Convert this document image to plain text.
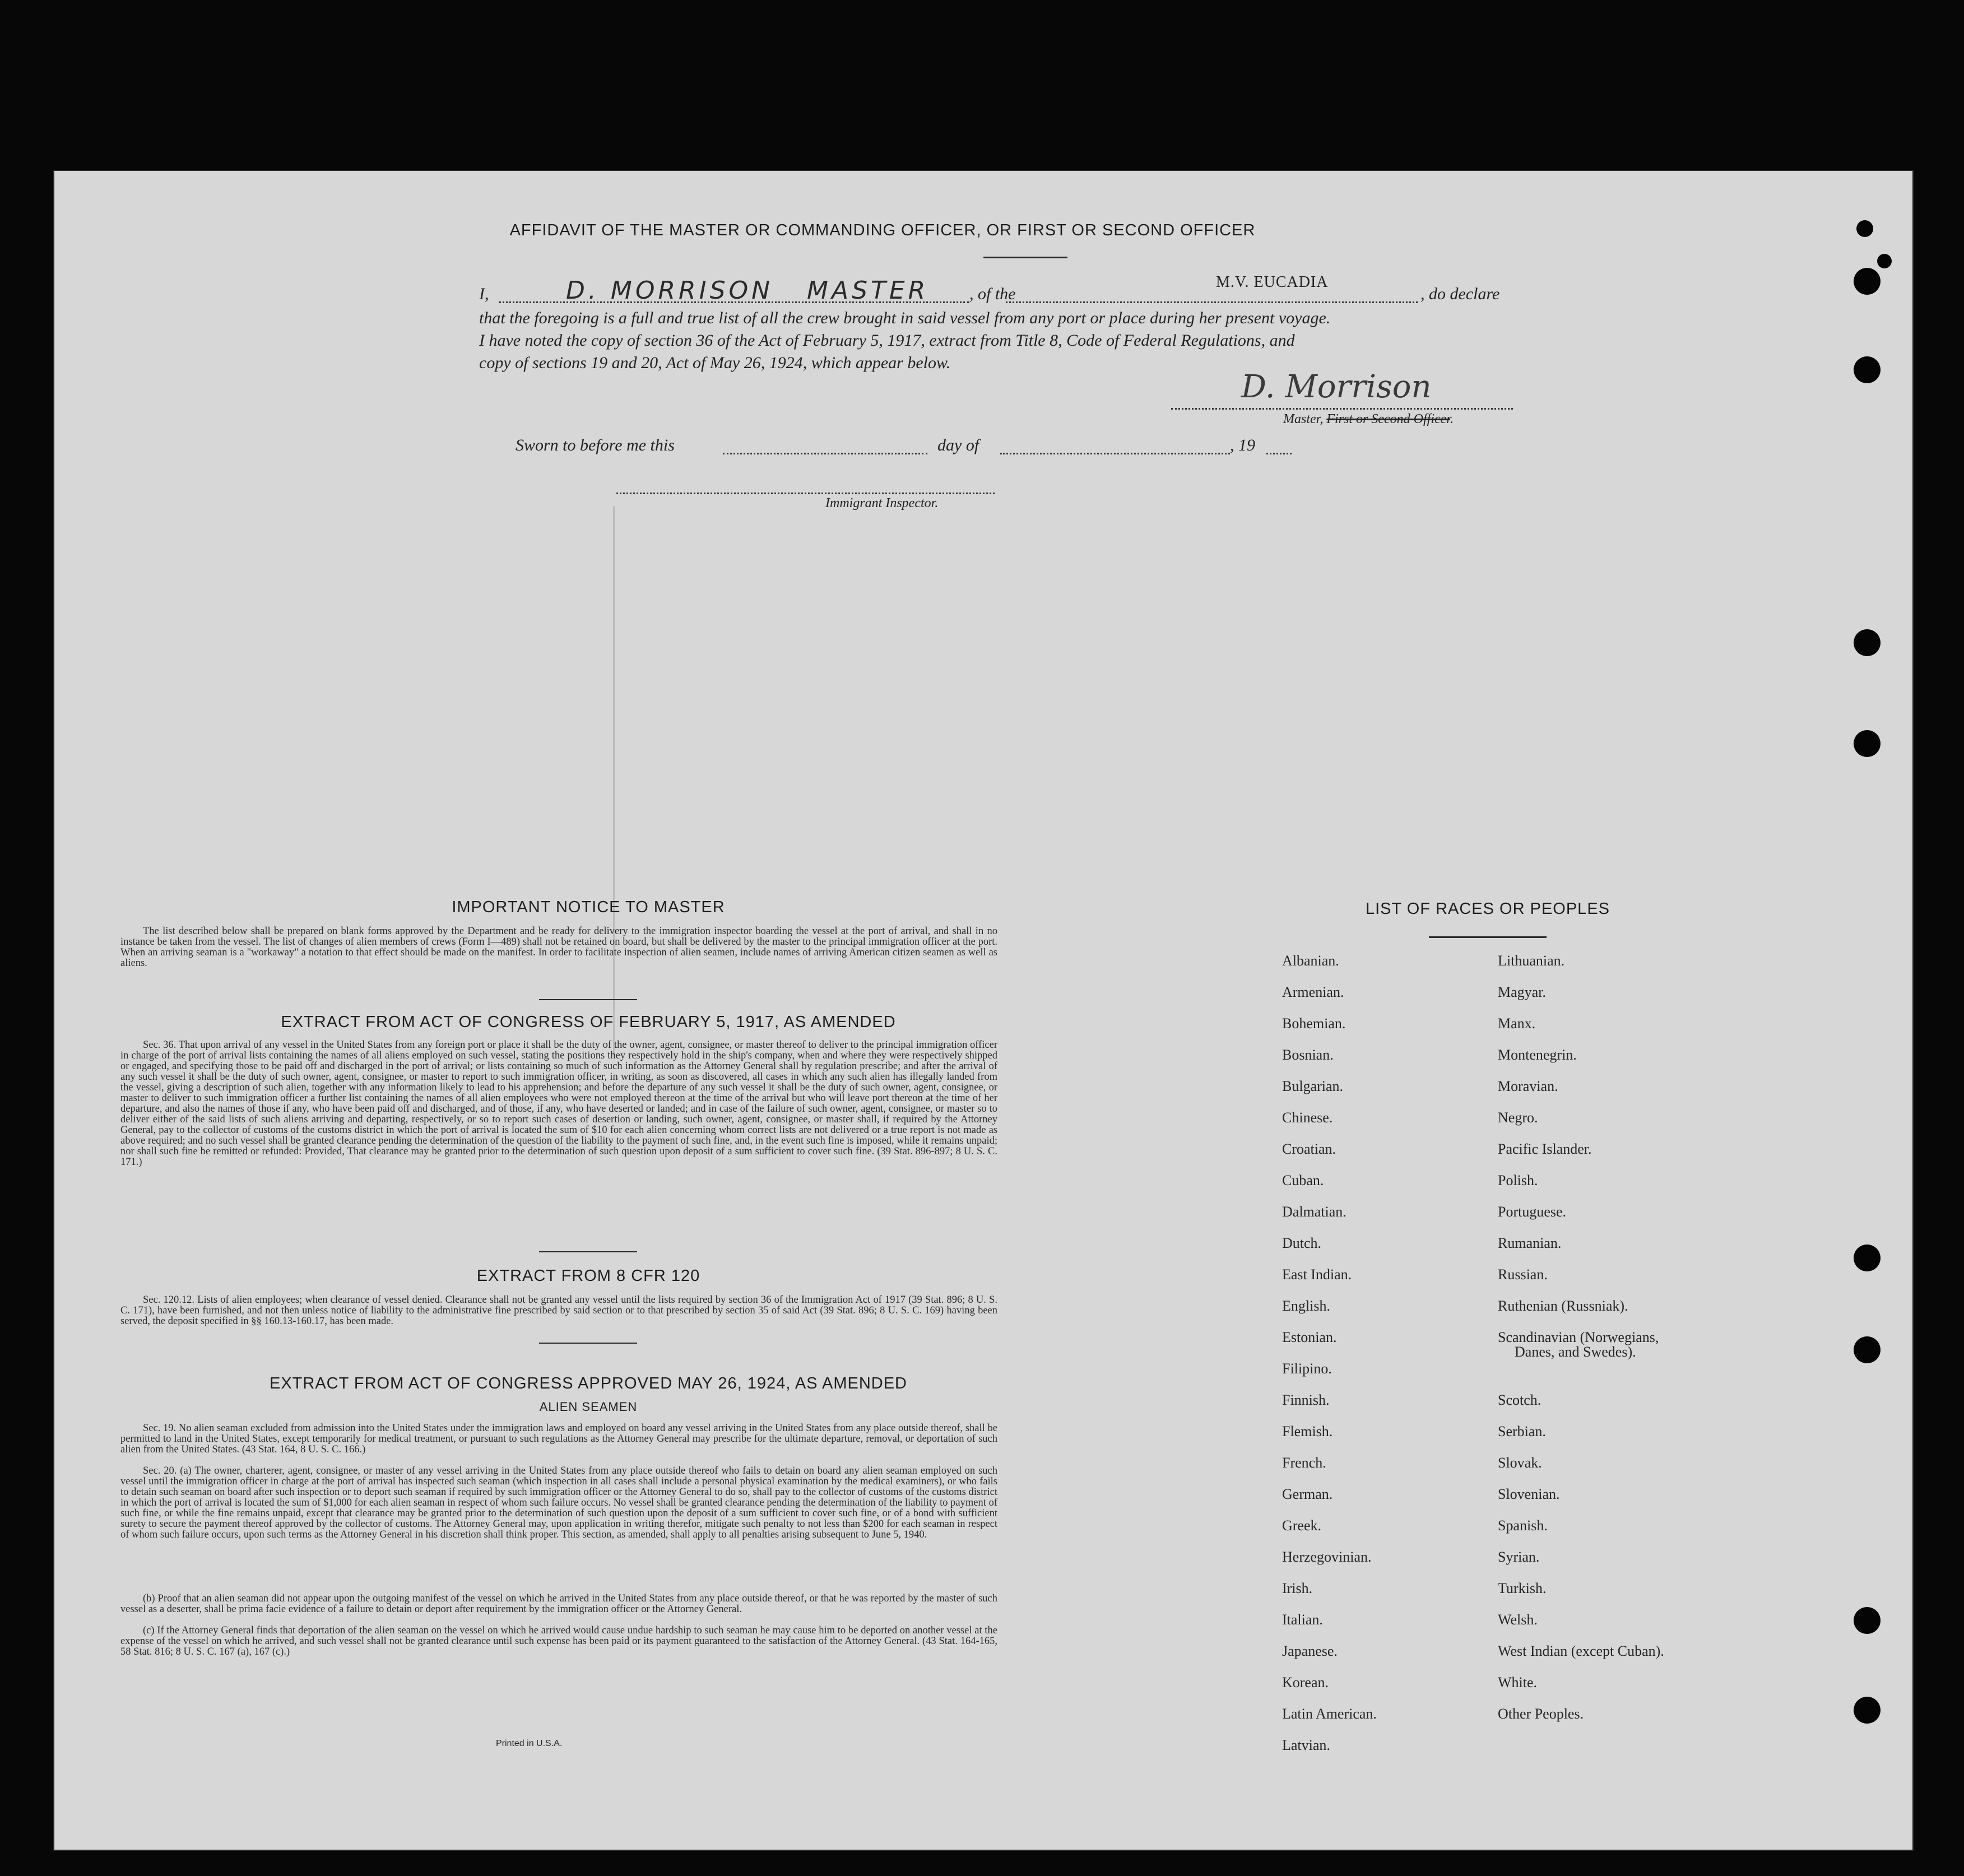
AFFIDAVIT OF THE MASTER OR COMMANDING OFFICER, OR FIRST OR SECOND OFFICER
I,	D. MORRISON MASTER , of the
M.V. EUCADIA
, do declare
that the foregoing is a full and true list of all the crew brought in said vessel from any port or place during her present voyage.
I have noted the copy of section 36 of the Act of February 5, 1917, extract from Title 8, Code of Federal Regulations, and
copy of sections 19 and 20, Act of May 26, 1924, which appear below.
D. Morrison
Master, First or Second Officer.
Sworn to before me this	day of	, 19
Immigrant Inspector.
IMPORTANT NOTICE TO MASTER
The list described below shall be prepared on blank forms approved by the Department and be ready for delivery to the immigration inspector boarding the vessel at the port of arrival, and shall in no instance be taken from the vessel. The list of changes of alien members of crews (Form I—489) shall not be retained on board, but shall be delivered by the master to the principal immigration officer at the port. When an arriving seaman is a "workaway" a notation to that effect should be made on the manifest. In order to facilitate inspection of alien seamen, include names of arriving American citizen seamen as well as aliens.
EXTRACT FROM ACT OF CONGRESS OF FEBRUARY 5, 1917, AS AMENDED
Sec. 36. That upon arrival of any vessel in the United States from any foreign port or place it shall be the duty of the owner, agent, consignee, or master thereof to deliver to the principal immigration officer in charge of the port of arrival lists containing the names of all aliens employed on such vessel, stating the positions they respectively hold in the ship's company, when and where they were respectively shipped or engaged, and specifying those to be paid off and discharged in the port of arrival; or lists containing so much of such information as the Attorney General shall by regulation prescribe; and after the arrival of any such vessel it shall be the duty of such owner, agent, consignee, or master to report to such immigration officer, in writing, as soon as discovered, all cases in which any such alien has illegally landed from the vessel, giving a description of such alien, together with any information likely to lead to his apprehension; and before the departure of any such vessel it shall be the duty of such owner, agent, consignee, or master to deliver to such immigration officer a further list containing the names of all alien employees who were not employed thereon at the time of the arrival but who will leave port thereon at the time of her departure, and also the names of those if any, who have been paid off and discharged, and of those, if any, who have deserted or landed; and in case of the failure of such owner, agent, consignee, or master so to deliver either of the said lists of such aliens arriving and departing, respectively, or so to report such cases of desertion or landing, such owner, agent, consignee, or master shall, if required by the Attorney General, pay to the collector of customs of the customs district in which the port of arrival is located the sum of $10 for each alien concerning whom correct lists are not delivered or a true report is not made as above required; and no such vessel shall be granted clearance pending the determination of the question of the liability to the payment of such fine, and, in the event such fine is imposed, while it remains unpaid; nor shall such fine be remitted or refunded: Provided, That clearance may be granted prior to the determination of such question upon deposit of a sum sufficient to cover such fine. (39 Stat. 896-897; 8 U. S. C. 171.)
EXTRACT FROM 8 CFR 120
Sec. 120.12. Lists of alien employees; when clearance of vessel denied. Clearance shall not be granted any vessel until the lists required by section 36 of the Immigration Act of 1917 (39 Stat. 896; 8 U. S. C. 171), have been furnished, and not then unless notice of liability to the administrative fine prescribed by said section or to that prescribed by section 35 of said Act (39 Stat. 896; 8 U. S. C. 169) having been served, the deposit specified in §§ 160.13-160.17, has been made.
EXTRACT FROM ACT OF CONGRESS APPROVED MAY 26, 1924, AS AMENDED
ALIEN SEAMEN
Sec. 19. No alien seaman excluded from admission into the United States under the immigration laws and employed on board any vessel arriving in the United States from any place outside thereof, shall be permitted to land in the United States, except temporarily for medical treatment, or pursuant to such regulations as the Attorney General may prescribe for the ultimate departure, removal, or deportation of such alien from the United States. (43 Stat. 164, 8 U. S. C. 166.)
Sec. 20. (a) The owner, charterer, agent, consignee, or master of any vessel arriving in the United States from any place outside thereof who fails to detain on board any alien seaman employed on such vessel until the immigration officer in charge at the port of arrival has inspected such seaman (which inspection in all cases shall include a personal physical examination by the medical examiners), or who fails to detain such seaman on board after such inspection or to deport such seaman if required by such immigration officer or the Attorney General to do so, shall pay to the collector of customs of the customs district in which the port of arrival is located the sum of $1,000 for each alien seaman in respect of whom such failure occurs. No vessel shall be granted clearance pending the determination of the liability to payment of such fine, or while the fine remains unpaid, except that clearance may be granted prior to the determination of such question upon the deposit of a sum sufficient to cover such fine, or of a bond with sufficient surety to secure the payment thereof approved by the collector of customs. The Attorney General may, upon application in writing therefor, mitigate such penalty to not less than $200 for each seaman in respect of whom such failure occurs, upon such terms as the Attorney General in his discretion shall think proper. This section, as amended, shall apply to all penalties arising subsequent to June 5, 1940.
(b) Proof that an alien seaman did not appear upon the outgoing manifest of the vessel on which he arrived in the United States from any place outside thereof, or that he was reported by the master of such vessel as a deserter, shall be prima facie evidence of a failure to detain or deport after requirement by the immigration officer or the Attorney General.
(c) If the Attorney General finds that deportation of the alien seaman on the vessel on which he arrived would cause undue hardship to such seaman he may cause him to be deported on another vessel at the expense of the vessel on which he arrived, and such vessel shall not be granted clearance until such expense has been paid or its payment guaranteed to the satisfaction of the Attorney General. (43 Stat. 164-165, 58 Stat. 816; 8 U. S. C. 167 (a), 167 (c).)
Printed in U.S.A.
LIST OF RACES OR PEOPLES
Albanian.
Armenian.
Bohemian.
Bosnian.
Bulgarian.
Chinese.
Croatian.
Cuban.
Dalmatian.
Dutch.
East Indian.
English.
Estonian.
Filipino.
Finnish.
Flemish.
French.
German.
Greek.
Herzegovinian.
Irish.
Italian.
Japanese.
Korean.
Latin American.
Latvian.
Lithuanian.
Magyar.
Manx.
Montenegrin.
Moravian.
Negro.
Pacific Islander.
Polish.
Portuguese.
Rumanian.
Russian.
Ruthenian (Russniak).
Scandinavian (Norwegians,
Danes, and Swedes).
Scotch.
Serbian.
Slovak.
Slovenian.
Spanish.
Syrian.
Turkish.
Welsh.
West Indian (except Cuban).
White.
Other Peoples.
